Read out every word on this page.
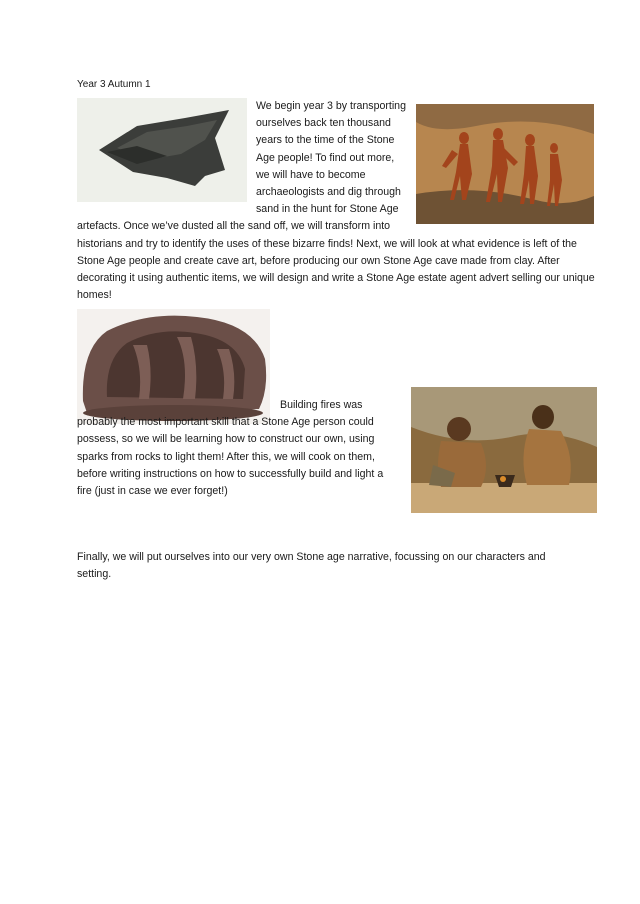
Year 3 Autumn 1

We begin year 3 by transporting ourselves back ten thousand years to the time of the Stone Age people! To find out more, we will have to become archaeologists and dig through sand in the hunt for Stone Age artefacts. Once we’ve dusted all the sand off, we will transform into historians and try to identify the uses of these bizarre finds! Next, we will look at what evidence is left of the Stone Age people and create cave art, before producing our own Stone Age cave made from clay. After decorating it using authentic items, we will design and write a Stone Age estate agent advert selling our unique homes!

Building fires was probably the most important skill that a Stone Age person could possess, so we will be learning how to construct our own, using sparks from rocks to light them! After this, we will cook on them, before writing instructions on how to successfully build and light a fire (just in case we ever forget!)

Finally, we will put ourselves into our very own Stone age narrative, focussing on our characters and setting.
